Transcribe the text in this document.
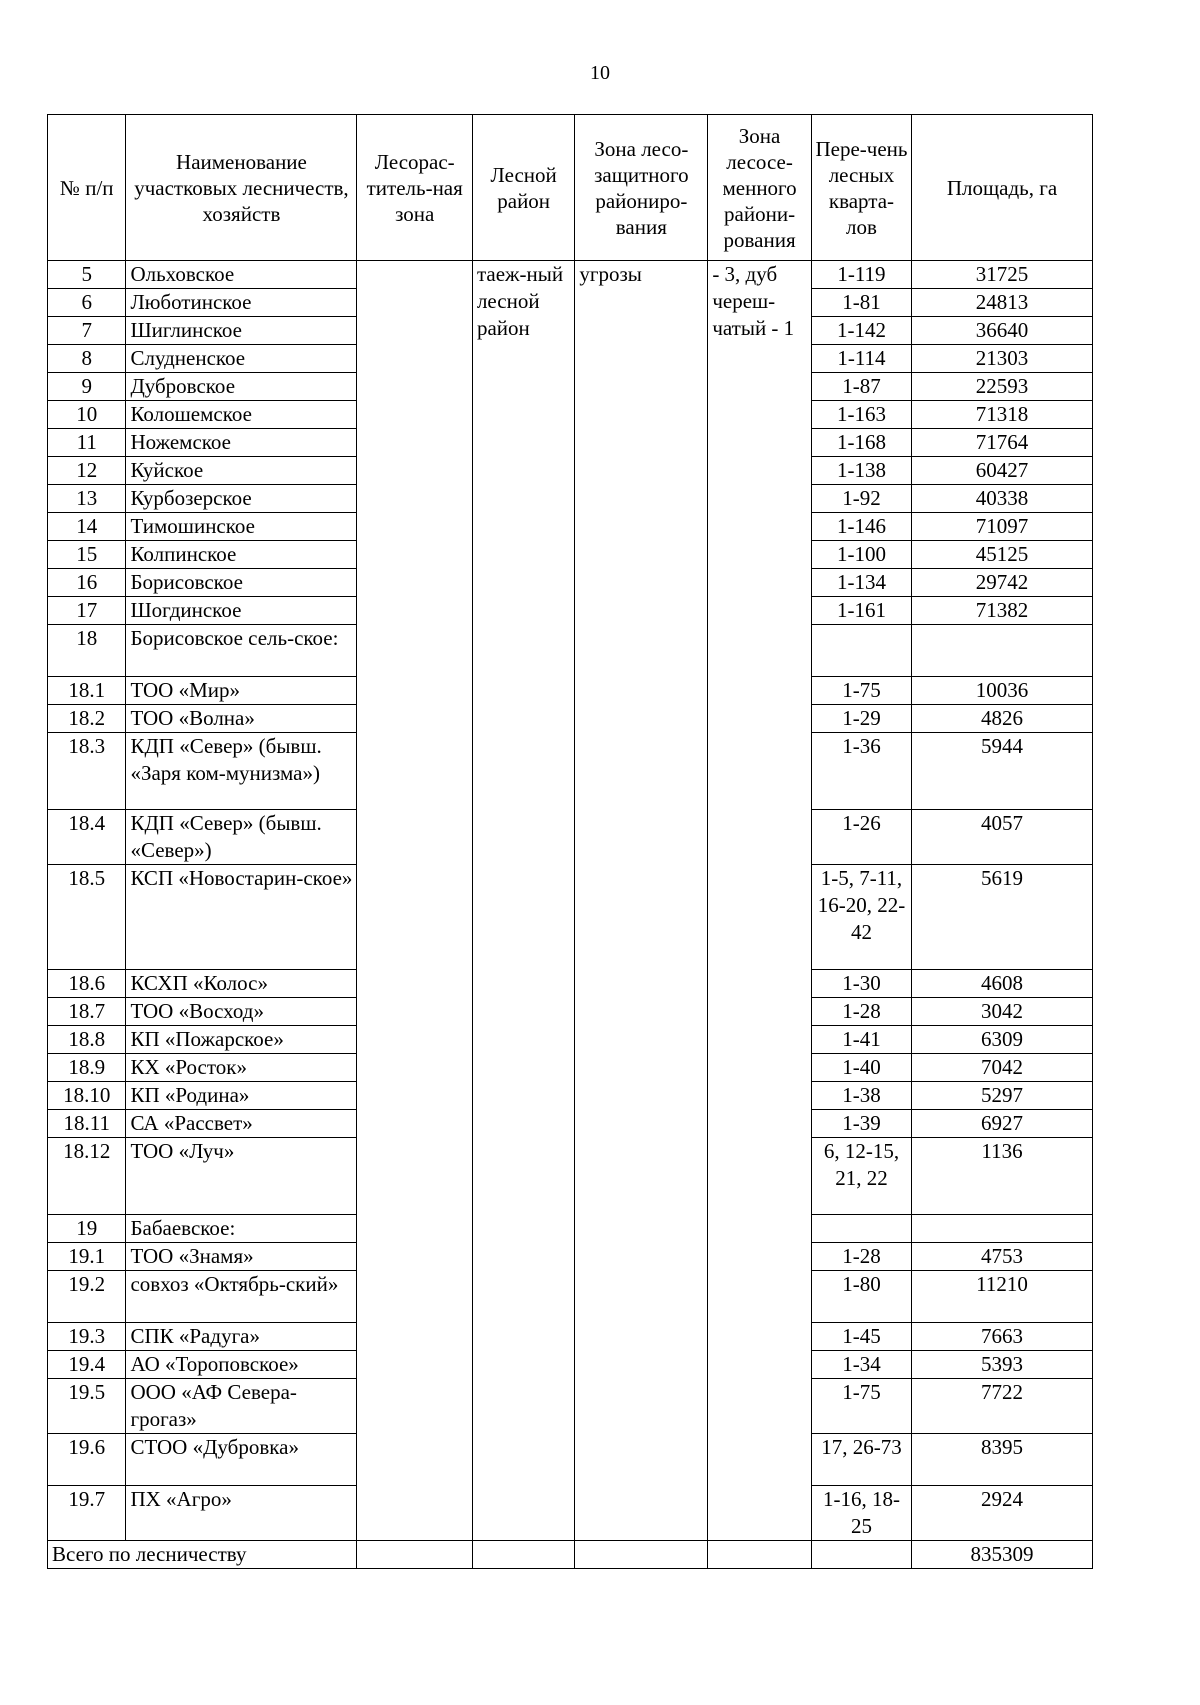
10
№ п/п	Наименование участковых лесничеств, хозяйств	Лесорас-титель-ная зона	Лесной район	Зона лесо-защитного райониро-вания	Зона лесосе-менного райони-рования	Пере-чень лесных кварта-лов	Площадь, га
5	Ольховское		таеж-ный лесной район	угрозы	- 3, дуб череш-чатый - 1	1-119	31725
6	Люботинское					1-81	24813
7	Шиглинское					1-142	36640
8	Слудненское					1-114	21303
9	Дубровское					1-87	22593
10	Колошемское					1-163	71318
11	Ножемское					1-168	71764
12	Куйское					1-138	60427
13	Курбозерское					1-92	40338
14	Тимошинское					1-146	71097
15	Колпинское					1-100	45125
16	Борисовское					1-134	29742
17	Шогдинское					1-161	71382
18	Борисовское сель-ское:						
18.1	ТОО «Мир»					1-75	10036
18.2	ТОО «Волна»					1-29	4826
18.3	КДП «Север» (бывш. «Заря ком-мунизма»)					1-36	5944
18.4	КДП «Север» (бывш. «Север»)					1-26	4057
18.5	КСП «Новостарин-ское»					1-5, 7-11, 16-20, 22-42	5619
18.6	КСХП «Колос»					1-30	4608
18.7	ТОО «Восход»					1-28	3042
18.8	КП «Пожарское»					1-41	6309
18.9	КХ «Росток»					1-40	7042
18.10	КП «Родина»					1-38	5297
18.11	СА «Рассвет»					1-39	6927
18.12	ТОО «Луч»					6, 12-15, 21, 22	1136
19	Бабаевское:						
19.1	ТОО «Знамя»					1-28	4753
19.2	совхоз «Октябрь-ский»					1-80	11210
19.3	СПК «Радуга»					1-45	7663
19.4	АО «Тороповское»					1-34	5393
19.5	ООО «АФ Севера-грогаз»					1-75	7722
19.6	СТОО «Дубровка»					17, 26-73	8395
19.7	ПХ «Агро»					1-16, 18-25	2924
Всего по лесничеству							835309
